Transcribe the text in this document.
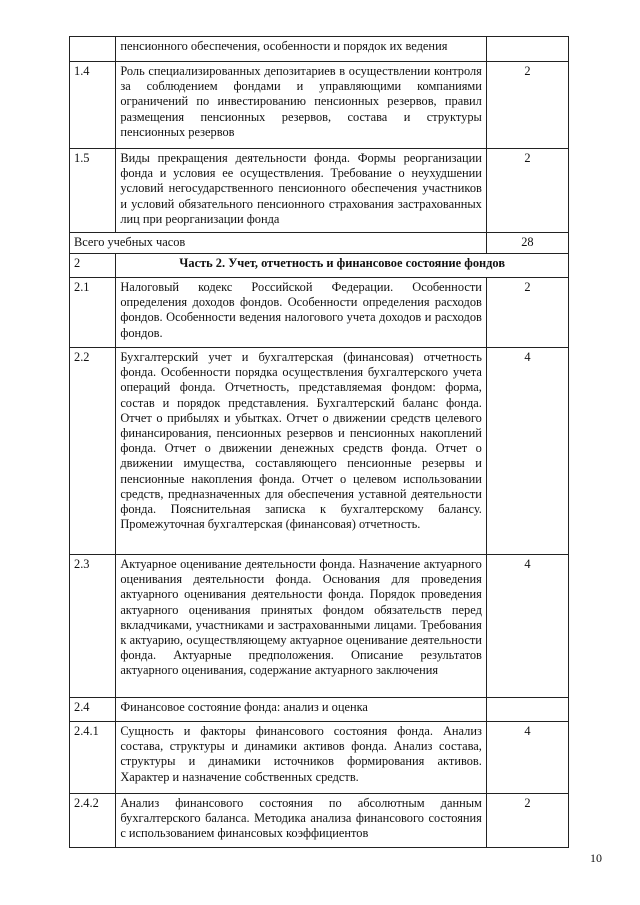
	пенсионного обеспечения, особенности и порядок их ведения	
1.4	Роль специализированных депозитариев в осуществлении контроля за соблюдением фондами и управляющими компаниями ограничений по инвестированию пенсионных резервов, правил размещения пенсионных резервов, состава и структуры пенсионных резервов	2
1.5	Виды прекращения деятельности фонда. Формы реорганизации фонда и условия ее осуществления. Требование о неухудшении условий негосударственного пенсионного обеспечения участников и условий обязательного пенсионного страхования застрахованных лиц при реорганизации фонда	2
Всего учебных часов		28
2	Часть 2. Учет, отчетность и финансовое состояние фондов	
2.1	Налоговый кодекс Российской Федерации. Особенности определения доходов фондов. Особенности определения расходов фондов. Особенности ведения налогового учета доходов и расходов фондов.	2
2.2	Бухгалтерский учет и бухгалтерская (финансовая) отчетность фонда. Особенности порядка осуществления бухгалтерского учета операций фонда. Отчетность, представляемая фондом: форма, состав и порядок представления. Бухгалтерский баланс фонда. Отчет о прибылях и убытках. Отчет о движении средств целевого финансирования, пенсионных резервов и пенсионных накоплений фонда. Отчет о движении денежных средств фонда. Отчет о движении имущества, составляющего пенсионные резервы и пенсионные накопления фонда. Отчет о целевом использовании средств, предназначенных для обеспечения уставной деятельности фонда. Пояснительная записка к бухгалтерскому балансу. Промежуточная бухгалтерская (финансовая) отчетность.	4
2.3	Актуарное оценивание деятельности фонда. Назначение актуарного оценивания деятельности фонда. Основания для проведения актуарного оценивания деятельности фонда. Порядок проведения актуарного оценивания принятых фондом обязательств перед вкладчиками, участниками и застрахованными лицами. Требования к актуарию, осуществляющему актуарное оценивание деятельности фонда. Актуарные предположения. Описание результатов актуарного оценивания, содержание актуарного заключения	4
2.4	Финансовое состояние фонда: анализ и оценка	
2.4.1	Сущность и факторы финансового состояния фонда. Анализ состава, структуры и динамики активов фонда. Анализ состава, структуры и динамики источников формирования активов. Характер и назначение собственных средств.	4
2.4.2	Анализ финансового состояния по абсолютным данным бухгалтерского баланса. Методика анализа финансового состояния с использованием финансовых коэффициентов	2
10
